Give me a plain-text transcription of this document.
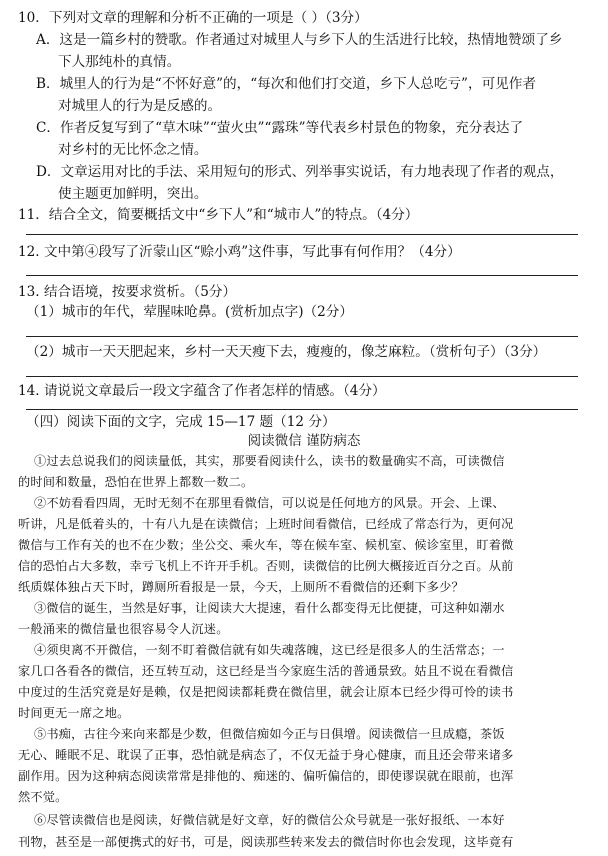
10．下列对文章的理解和分析不正确的一项是（ ）（3分）
A．这是一篇乡村的赞歌。作者通过对城里人与乡下人的生活进行比较，热情地赞颂了乡
下人那纯朴的真情。
B．城里人的行为是“不怀好意”的，“每次和他们打交道，乡下人总吃亏”，可见作者
对城里人的行为是反感的。
C．作者反复写到了“草木味”“萤火虫”“露珠”等代表乡村景色的物象，充分表达了
对乡村的无比怀念之情。
D．文章运用对比的手法、采用短句的形式、列举事实说话，有力地表现了作者的观点，
使主题更加鲜明，突出。
11．结合全文，简要概括文中“乡下人”和“城市人”的特点。（4分）
12. 文中第④段写了沂蒙山区“赊小鸡”这件事，写此事有何作用？（4分）
13. 结合语境，按要求赏析。（5分）
（1）城市的年代，荤腥味呛鼻。(赏析加点字)（2分）
（2）城市一天天肥起来，乡村一天天瘦下去，瘦瘦的，像芝麻粒。（赏析句子）（3分）
14. 请说说文章最后一段文字蕴含了作者怎样的情感。（4分）
（四）阅读下面的文字，完成 15—17 题（12 分）
阅读微信 谨防病态
①过去总说我们的阅读量低，其实，那要看阅读什么，读书的数量确实不高，可读微信
的时间和数量，恐怕在世界上都数一数二。
②不妨看看四周，无时无刻不在那里看微信，可以说是任何地方的风景。开会、上课、
听讲，凡是低着头的，十有八九是在读微信；上班时间看微信，已经成了常态行为，更何况
微信与工作有关的也不在少数；坐公交、乘火车，等在候车室、候机室、候诊室里，盯着微
信的恐怕占大多数，幸亏飞机上不许开手机。否则，读微信的比例大概接近百分之百。从前
纸质媒体独占天下时，蹲厕所看报是一景，今天，上厕所不看微信的还剩下多少？
③微信的诞生，当然是好事，让阅读大大提速，看什么都变得无比便捷，可这种如潮水
一般涌来的微信量也很容易令人沉迷。
④须臾离不开微信，一刻不盯着微信就有如失魂落魄，这已经是很多人的生活常态；一
家几口各看各的微信，还互转互动，这已经是当今家庭生活的普通景致。姑且不说在看微信
中度过的生活究竟是好是赖，仅是把阅读都耗费在微信里，就会让原本已经少得可怜的读书
时间更无一席之地。
⑤书痴，古往今来向来都是少数，但微信痴如今正与日俱增。阅读微信一旦成瘾，茶饭
无心、睡眠不足、耽误了正事，恐怕就是病态了，不仅无益于身心健康，而且还会带来诸多
副作用。因为这种病态阅读常常是排他的、痴迷的、偏听偏信的，即使谬误就在眼前，也浑
然不觉。
⑥尽管读微信也是阅读，好微信就是好文章，好的微信公众号就是一张好报纸、一本好
刊物，甚至是一部便携式的好书，可是，阅读那些转来发去的微信时你也会发现，这毕竟有
